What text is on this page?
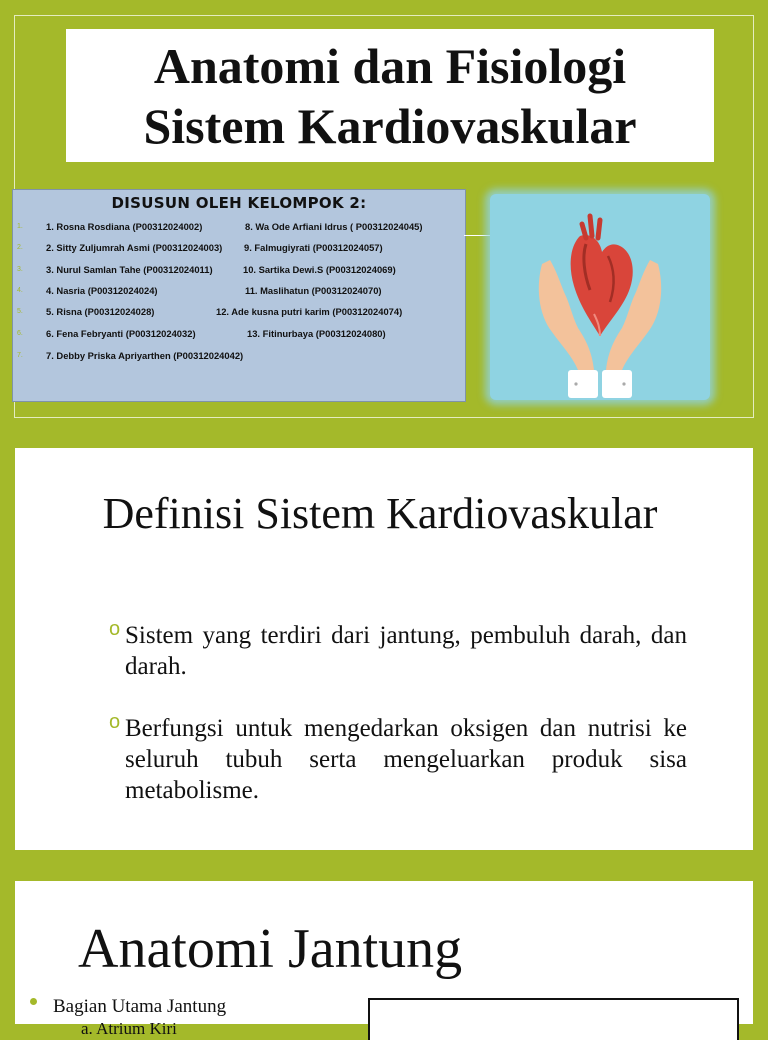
Anatomi dan Fisiologi
Sistem Kardiovaskular
DISUSUN OLEH KELOMPOK 2:
1. 1. Rosna Rosdiana (P00312024002)	8. Wa Ode Arfiani Idrus ( P00312024045)
2. 2. Sitty Zuljumrah Asmi (P00312024003) 9. Falmugiyrati (P00312024057)
3. 3. Nurul Samlan Tahe (P00312024011)	10. Sartika Dewi.S (P00312024069)
4. 4. Nasria (P00312024024)	11. Maslihatun (P00312024070)
5. 5. Risna (P00312024028)	12. Ade kusna putri karim (P00312024074)
6. 6. Fena Febryanti (P00312024032)	13. Fitinurbaya (P00312024080)
7. 7. Debby Priska Apriyarthen (P00312024042)
Definisi Sistem Kardiovaskular
o Sistem yang terdiri dari jantung, pembuluh darah, dan darah.
o Berfungsi untuk mengedarkan oksigen dan nutrisi ke seluruh tubuh serta mengeluarkan produk sisa metabolisme.
Anatomi Jantung
Bagian Utama Jantung
a. Atrium Kiri
